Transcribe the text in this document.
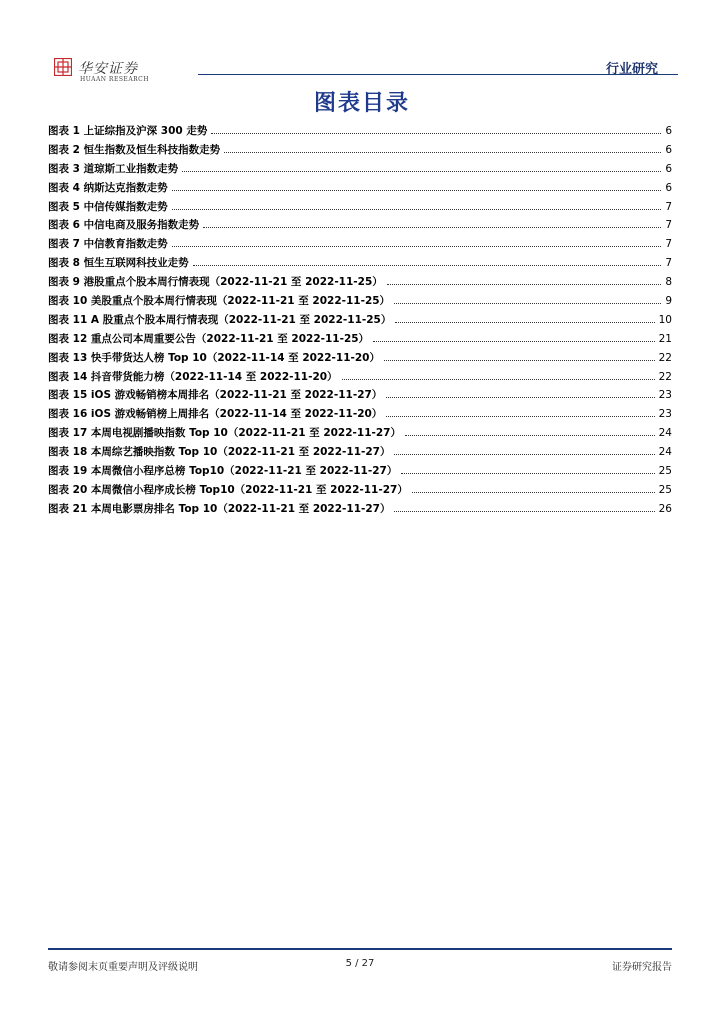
华安证券
HUAAN RESEARCH
行业研究
图表目录
图表 1 上证综指及沪深 300 走势	6
图表 2 恒生指数及恒生科技指数走势	6
图表 3 道琼斯工业指数走势	6
图表 4 纳斯达克指数走势	6
图表 5 中信传媒指数走势	7
图表 6 中信电商及服务指数走势	7
图表 7 中信教育指数走势	7
图表 8 恒生互联网科技业走势	7
图表 9 港股重点个股本周行情表现（2022-11-21 至 2022-11-25）	8
图表 10 美股重点个股本周行情表现（2022-11-21 至 2022-11-25）	9
图表 11 A 股重点个股本周行情表现（2022-11-21 至 2022-11-25）	10
图表 12 重点公司本周重要公告（2022-11-21 至 2022-11-25）	21
图表 13 快手带货达人榜 Top 10（2022-11-14 至 2022-11-20）	22
图表 14 抖音带货能力榜（2022-11-14 至 2022-11-20）	22
图表 15 iOS 游戏畅销榜本周排名（2022-11-21 至 2022-11-27）	23
图表 16 iOS 游戏畅销榜上周排名（2022-11-14 至 2022-11-20）	23
图表 17 本周电视剧播映指数 Top 10（2022-11-21 至 2022-11-27）	24
图表 18 本周综艺播映指数 Top 10（2022-11-21 至 2022-11-27）	24
图表 19 本周微信小程序总榜 Top10（2022-11-21 至 2022-11-27）	25
图表 20 本周微信小程序成长榜 Top10（2022-11-21 至 2022-11-27）	25
图表 21 本周电影票房排名 Top 10（2022-11-21 至 2022-11-27）	26
敬请参阅末页重要声明及评级说明	5 / 27	证券研究报告
